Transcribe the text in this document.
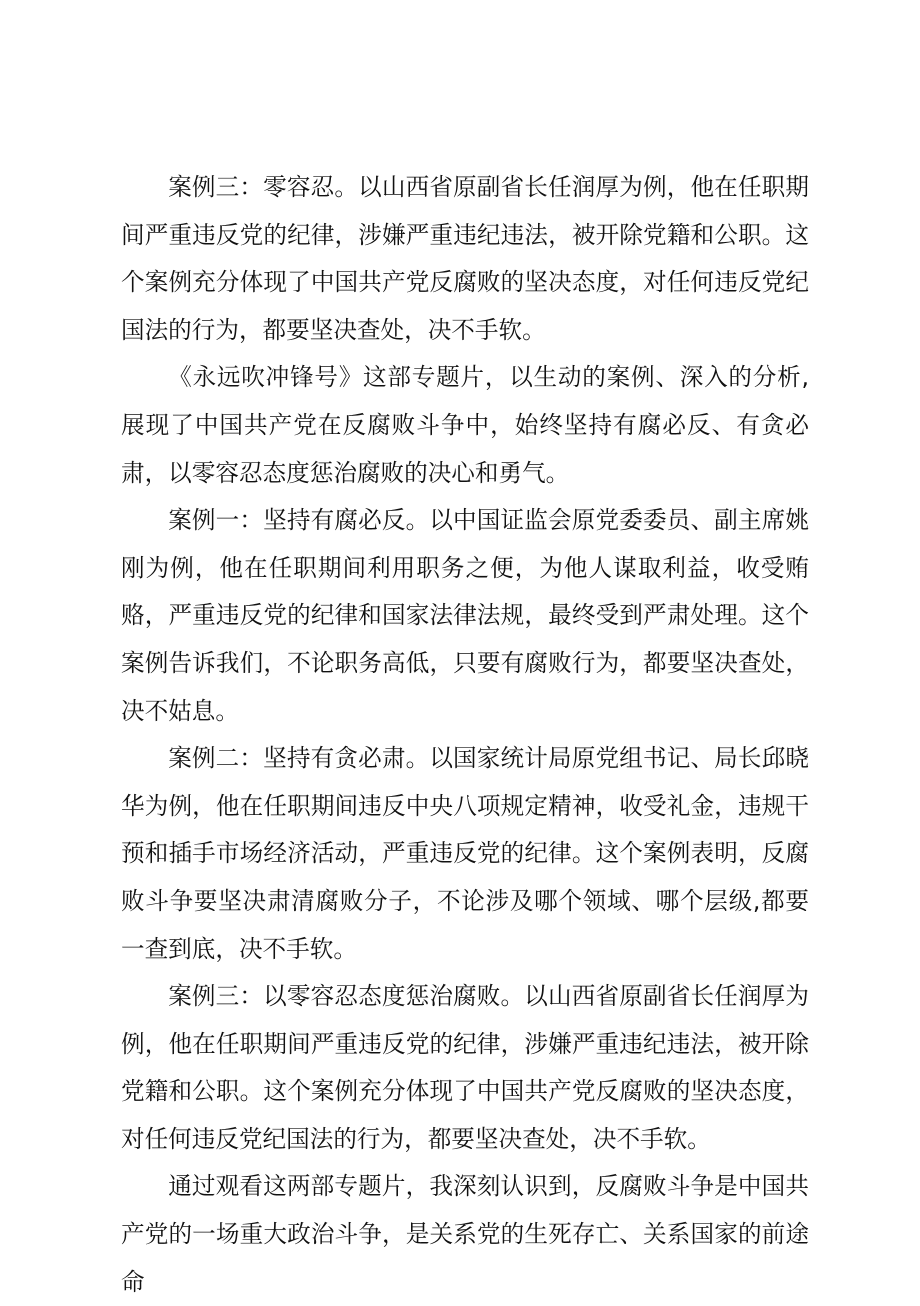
案例三：零容忍。以山西省原副省长任润厚为例，他在任职期间严重违反党的纪律，涉嫌严重违纪违法，被开除党籍和公职。这个案例充分体现了中国共产党反腐败的坚决态度，对任何违反党纪国法的行为，都要坚决查处，决不手软。

《永远吹冲锋号》这部专题片，以生动的案例、深入的分析,展现了中国共产党在反腐败斗争中，始终坚持有腐必反、有贪必肃，以零容忍态度惩治腐败的决心和勇气。

案例一：坚持有腐必反。以中国证监会原党委委员、副主席姚刚为例，他在任职期间利用职务之便，为他人谋取利益，收受贿赂，严重违反党的纪律和国家法律法规，最终受到严肃处理。这个案例告诉我们，不论职务高低，只要有腐败行为，都要坚决查处，决不姑息。

案例二：坚持有贪必肃。以国家统计局原党组书记、局长邱晓华为例，他在任职期间违反中央八项规定精神，收受礼金，违规干预和插手市场经济活动，严重违反党的纪律。这个案例表明，反腐败斗争要坚决肃清腐败分子，不论涉及哪个领域、哪个层级,都要一查到底，决不手软。

案例三：以零容忍态度惩治腐败。以山西省原副省长任润厚为例，他在任职期间严重违反党的纪律，涉嫌严重违纪违法，被开除党籍和公职。这个案例充分体现了中国共产党反腐败的坚决态度，对任何违反党纪国法的行为，都要坚决查处，决不手软。

通过观看这两部专题片，我深刻认识到，反腐败斗争是中国共产党的一场重大政治斗争，是关系党的生死存亡、关系国家的前途命
